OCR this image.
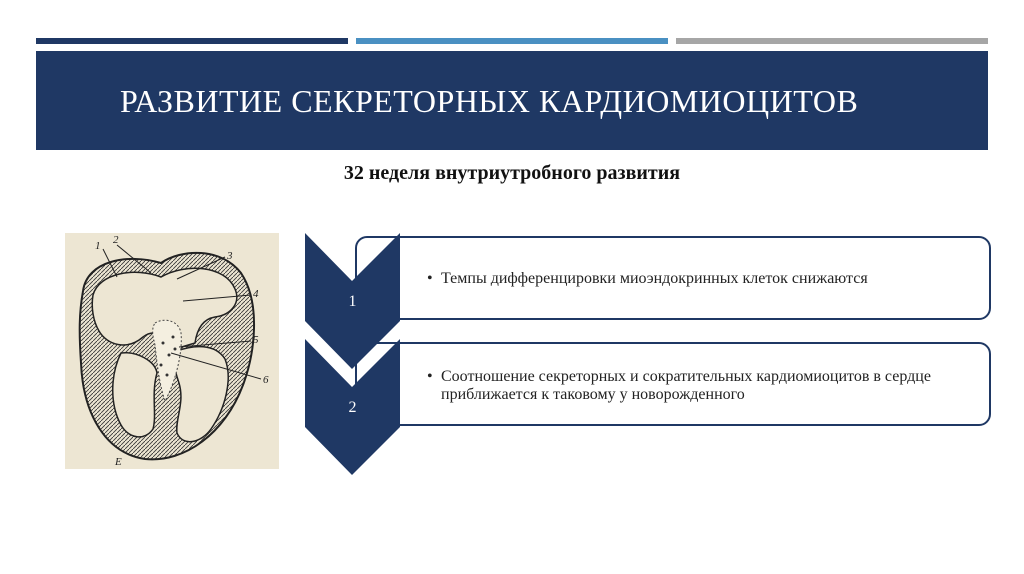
РАЗВИТИЕ СЕКРЕТОРНЫХ КАРДИОМИОЦИТОВ
32 неделя внутриутробного развития
1 2
3
4
5
6
Е
• Темпы дифференцировки миоэндокринных клеток снижаются
• Соотношение секреторных и сократительных кардиомиоцитов в сердце приближается к таковому у новорожденного
1
2
